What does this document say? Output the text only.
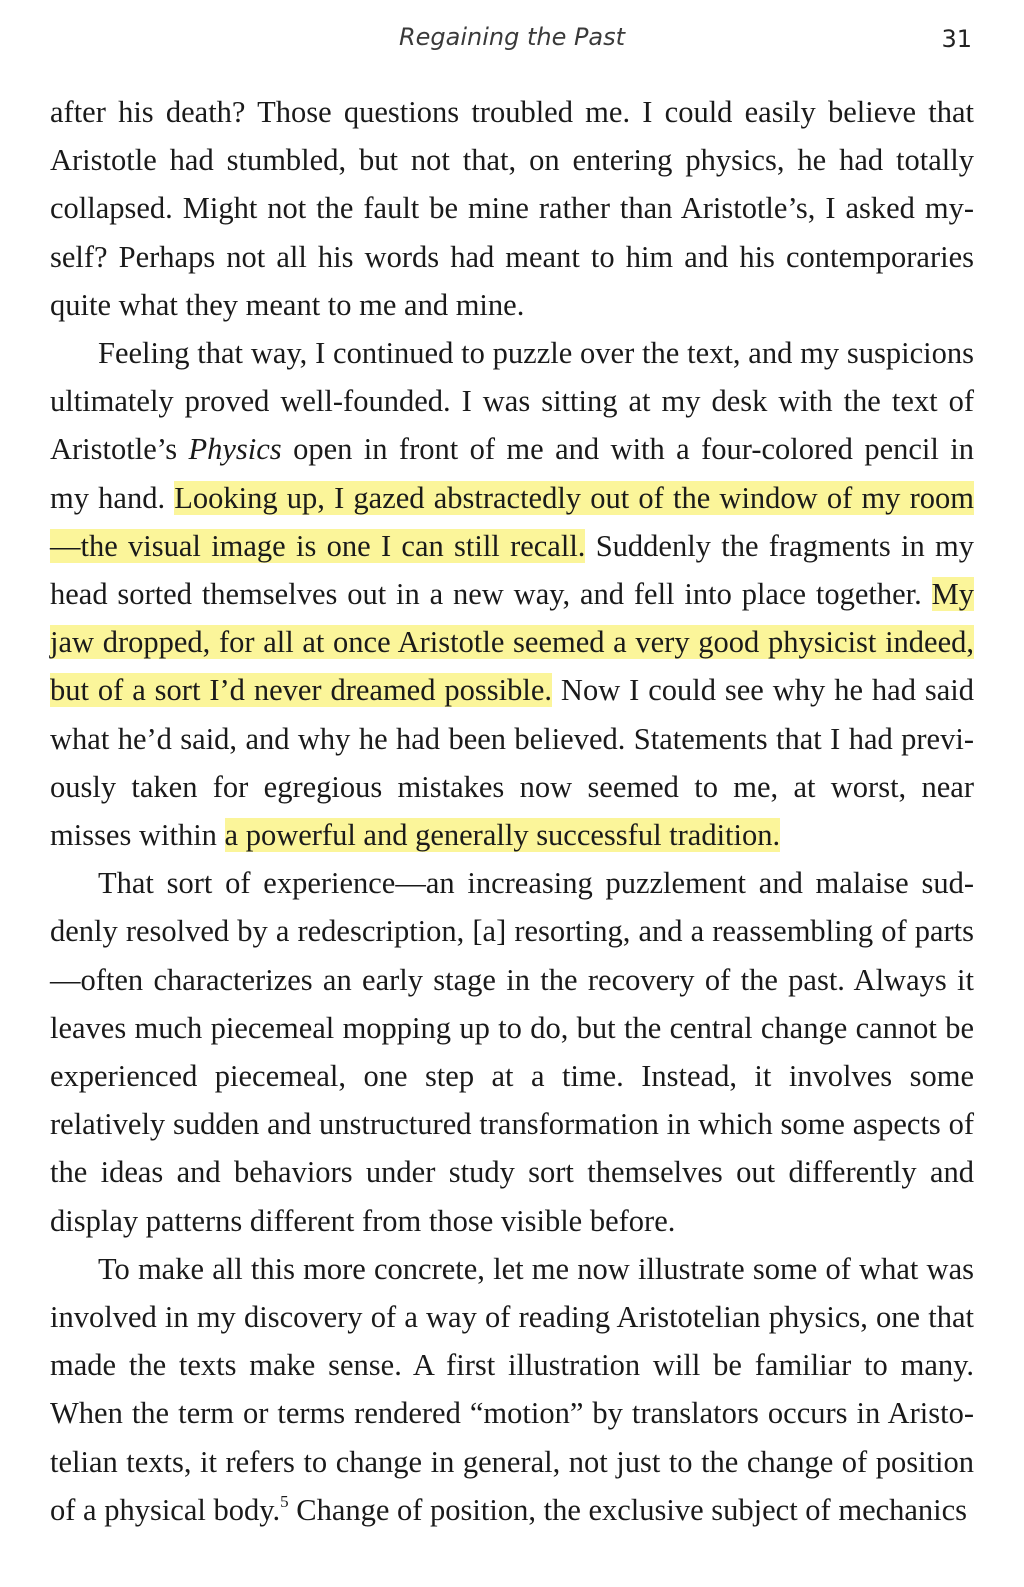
Regaining the Past	31

after his death? Those questions troubled me. I could easily believe that Aristotle had stumbled, but not that, on entering physics, he had totally collapsed. Might not the fault be mine rather than Aristotle’s, I asked myself? Perhaps not all his words had meant to him and his contemporaries quite what they meant to me and mine.

Feeling that way, I continued to puzzle over the text, and my suspicions ultimately proved well-founded. I was sitting at my desk with the text of Aristotle’s Physics open in front of me and with a four-colored pencil in my hand. Looking up, I gazed abstractedly out of the window of my room—the visual image is one I can still recall. Suddenly the fragments in my head sorted themselves out in a new way, and fell into place together. My jaw dropped, for all at once Aristotle seemed a very good physicist indeed, but of a sort I’d never dreamed possible. Now I could see why he had said what he’d said, and why he had been believed. Statements that I had previously taken for egregious mistakes now seemed to me, at worst, near misses within a powerful and generally successful tradition.

That sort of experience—an increasing puzzlement and malaise suddenly resolved by a redescription, [a] resorting, and a reassembling of parts—often characterizes an early stage in the recovery of the past. Always it leaves much piecemeal mopping up to do, but the central change cannot be experienced piecemeal, one step at a time. Instead, it involves some relatively sudden and unstructured transformation in which some aspects of the ideas and behaviors under study sort themselves out differently and display patterns different from those visible before.

To make all this more concrete, let me now illustrate some of what was involved in my discovery of a way of reading Aristotelian physics, one that made the texts make sense. A first illustration will be familiar to many. When the term or terms rendered “motion” by translators occurs in Aristotelian texts, it refers to change in general, not just to the change of position of a physical body.$^5$ Change of position, the exclusive subject of mechanics
